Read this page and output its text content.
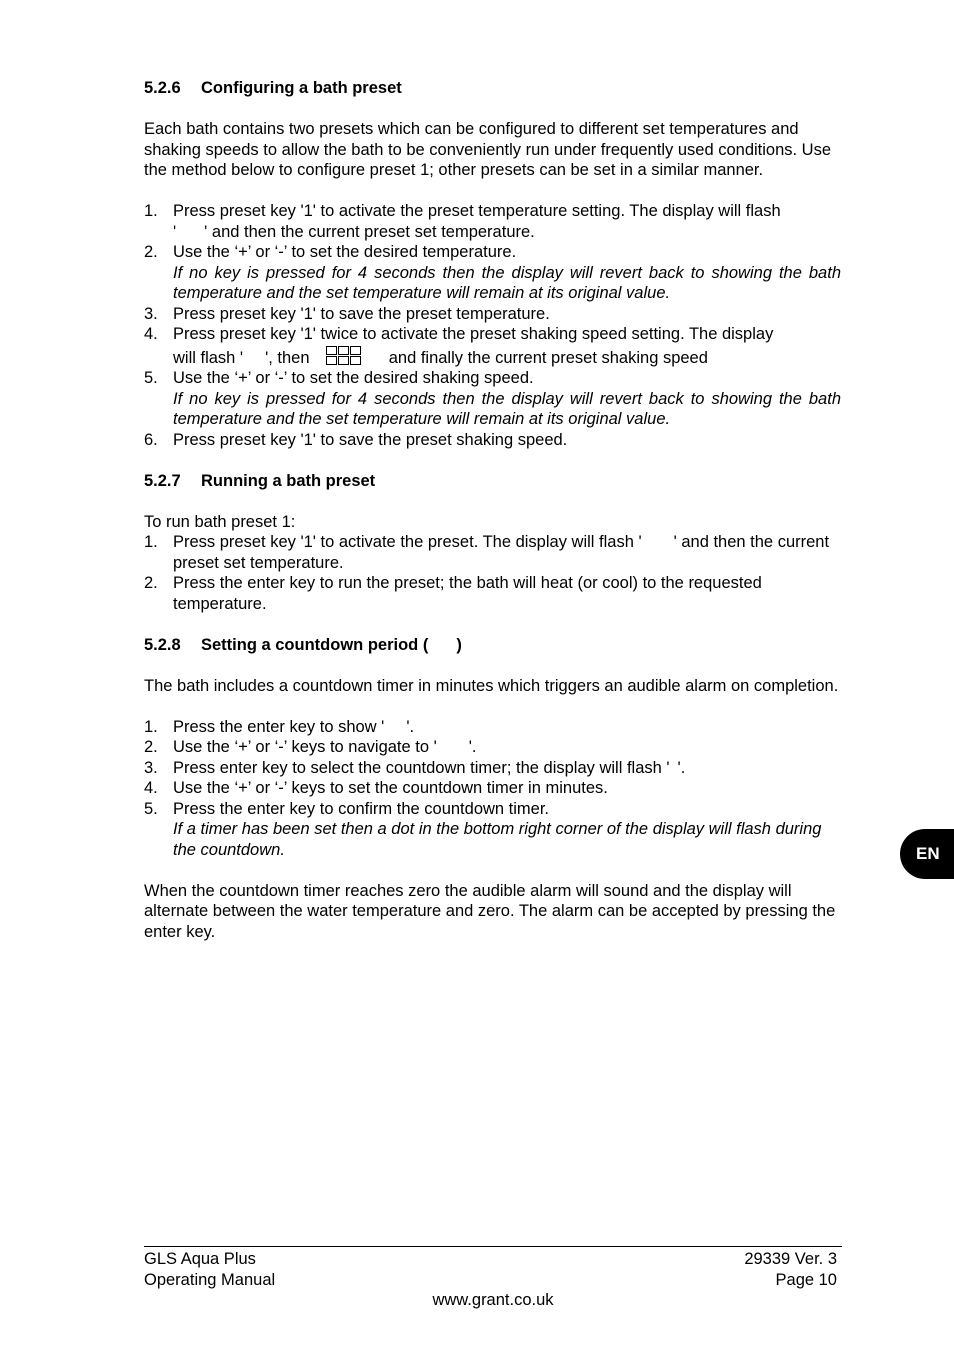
5.2.6 Configuring a bath preset

Each bath contains two presets which can be configured to different set temperatures and shaking speeds to allow the bath to be conveniently run under frequently used conditions. Use the method below to configure preset 1; other presets can be set in a similar manner.

1. Press preset key '1' to activate the preset temperature setting. The display will flash
' ' and then the current preset set temperature.
2. Use the ‘+’ or ‘-’ to set the desired temperature.

If no key is pressed for 4 seconds then the display will revert back to showing the bath temperature and the set temperature will remain at its original value.
3. Press preset key '1' to save the preset temperature.
4. Press preset key '1' twice to activate the preset shaking speed setting. The display
will flash ' ', then	and finally the current preset shaking speed
5. Use the ‘+’ or ‘-’ to set the desired shaking speed.

If no key is pressed for 4 seconds then the display will revert back to showing the bath temperature and the set temperature will remain at its original value.
6. Press preset key '1' to save the preset shaking speed.
5.2.7 Running a bath preset

To run bath preset 1:

1. Press preset key '1' to activate the preset. The display will flash ' ' and then the current preset set temperature.
2. Press the enter key to run the preset; the bath will heat (or cool) to the requested temperature.
5.2.8 Setting a countdown period ( )

The bath includes a countdown timer in minutes which triggers an audible alarm on completion.

1. Press the enter key to show ' '.
2. Use the ‘+’ or ‘-’ keys to navigate to ' '.
3. Press enter key to select the countdown timer; the display will flash ' '.
4. Use the ‘+’ or ‘-’ keys to set the countdown timer in minutes.
5. Press the enter key to confirm the countdown timer.

If a timer has been set then a dot in the bottom right corner of the display will flash during the countdown.

When the countdown timer reaches zero the audible alarm will sound and the display will alternate between the water temperature and zero. The alarm can be accepted by pressing the enter key.

EN
GLS Aqua Plus	29339 Ver. 3
Operating Manual	Page 10
www.grant.co.uk
